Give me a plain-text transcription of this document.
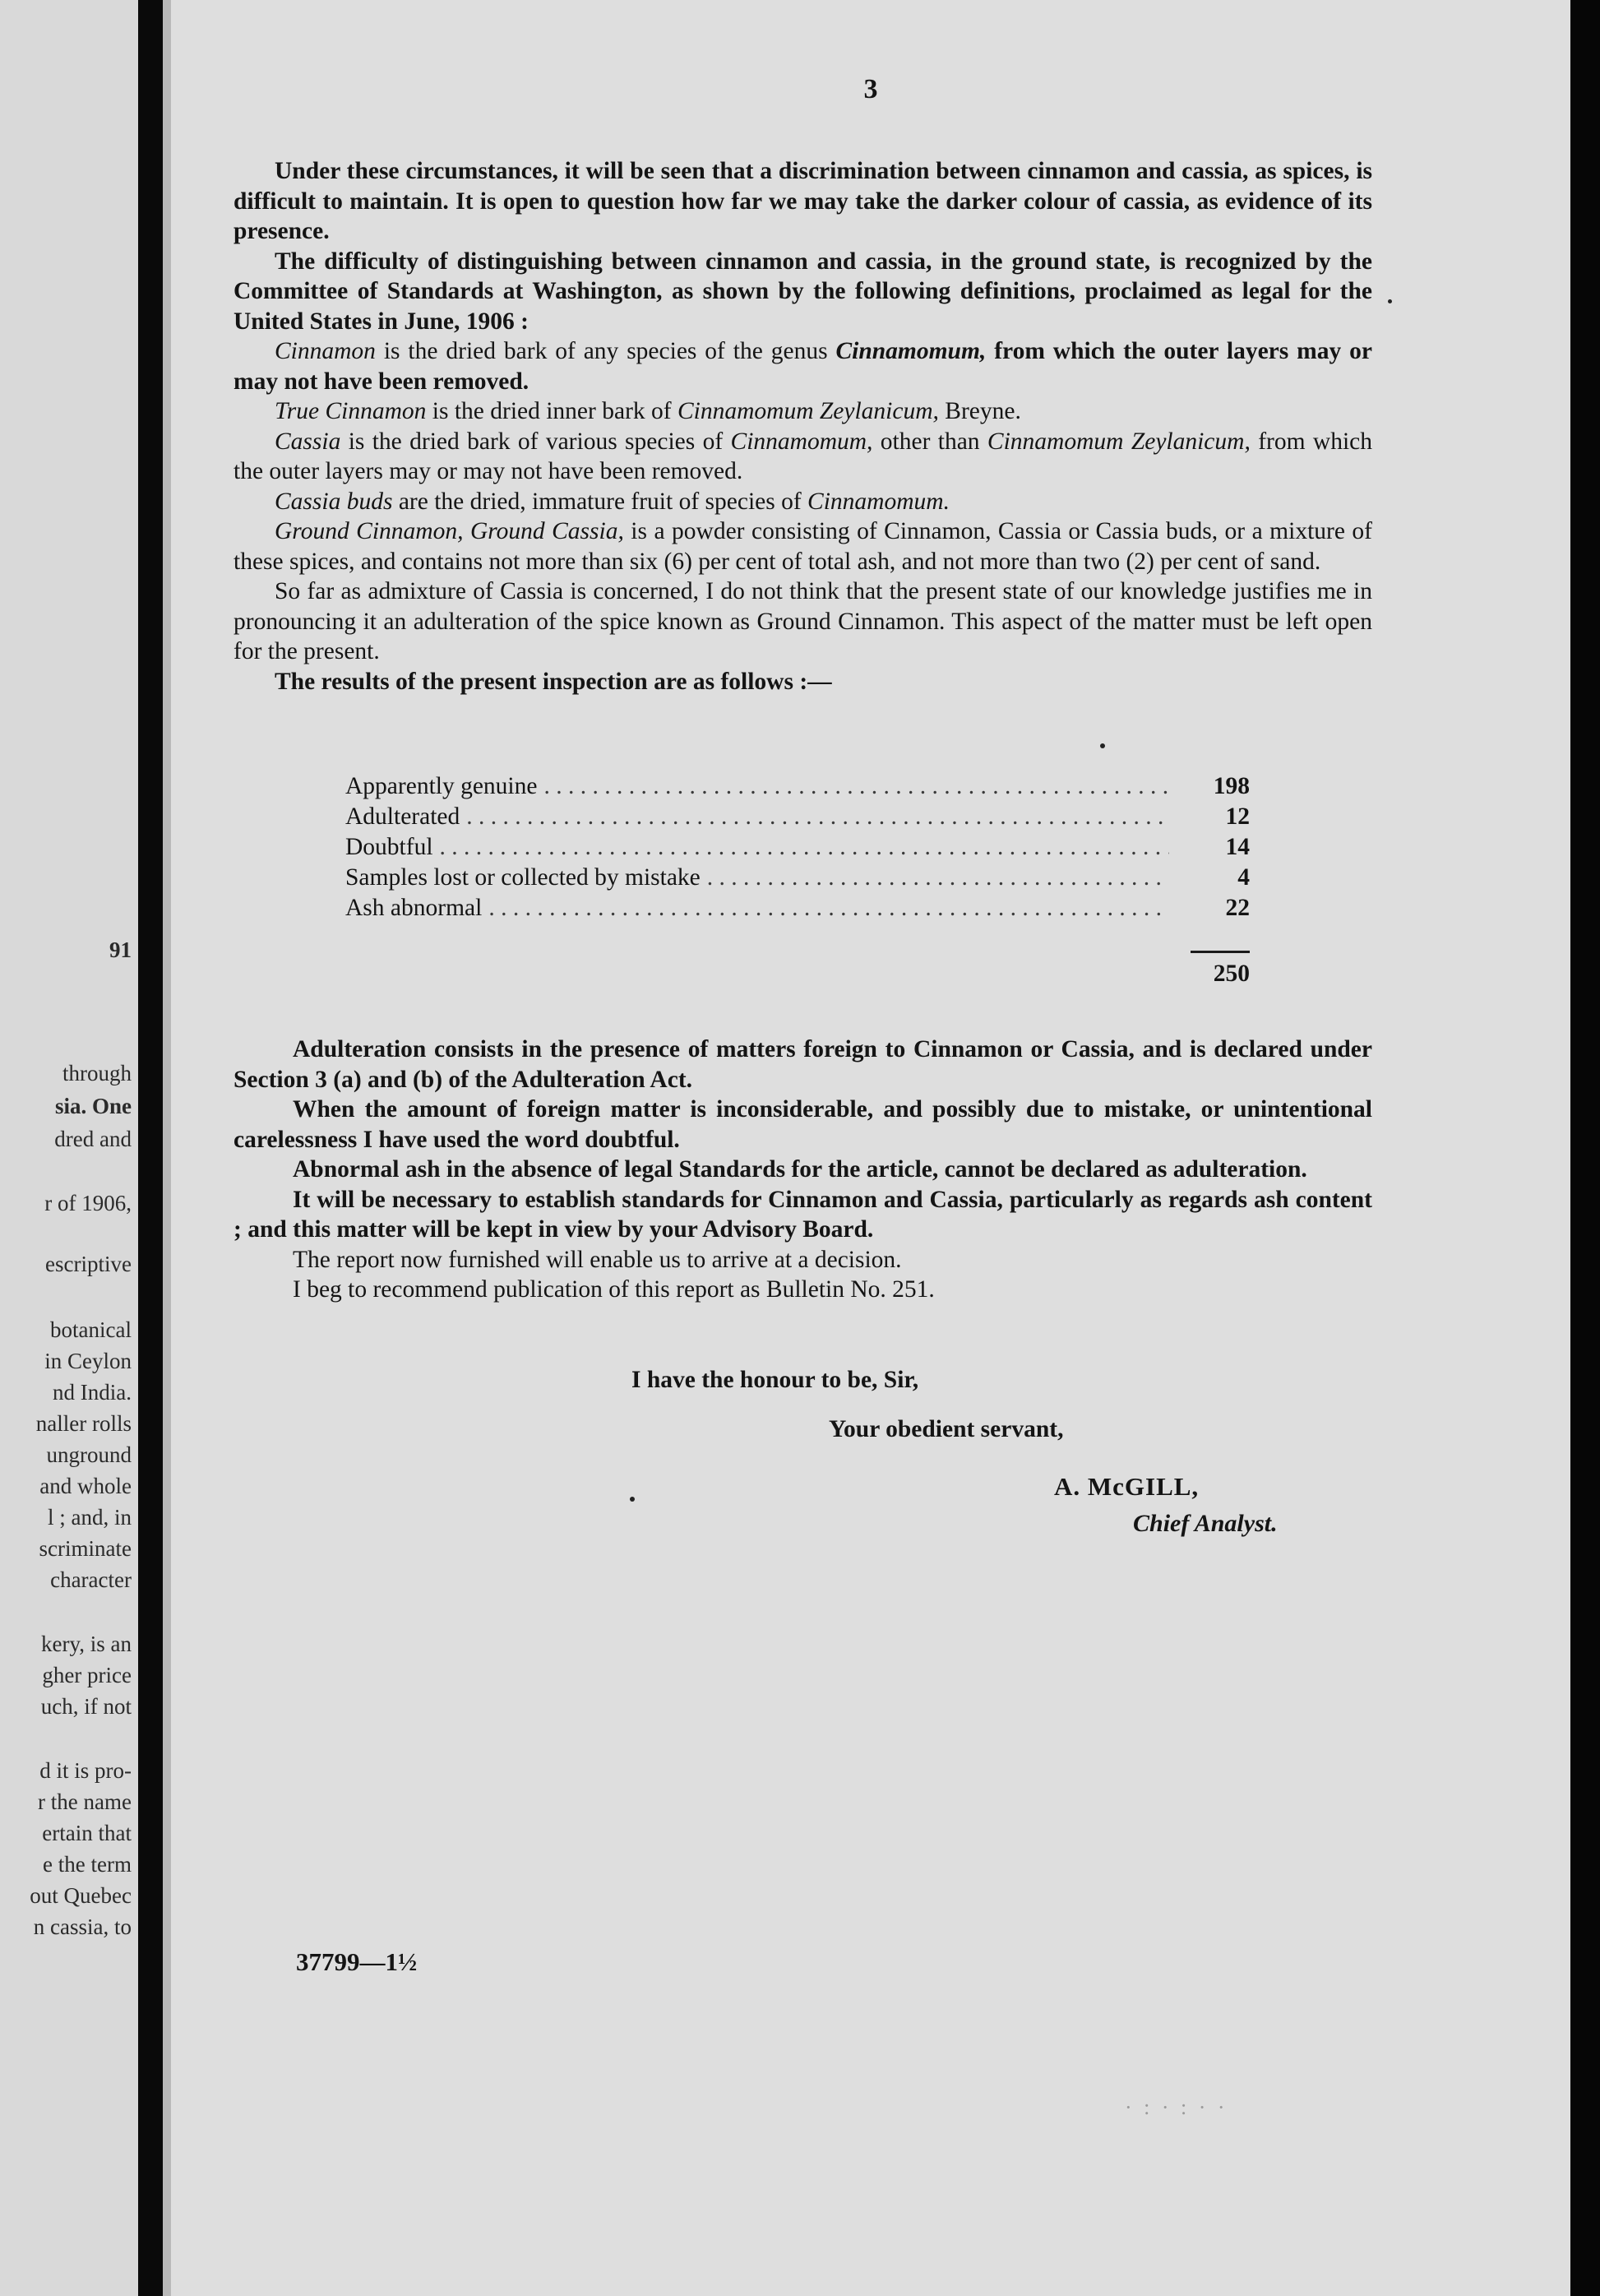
91
through
sia. One
dred and
r of 1906,
escriptive
botanical
in Ceylon
nd India.
naller rolls
unground
and whole
l ; and, in
scriminate
character
kery, is an
gher price
uch, if not
d it is pro-
r the name
ertain that
e the term
out Quebec
n cassia, to
3

Under these circumstances, it will be seen that a discrimination between cinnamon and cassia, as spices, is difficult to maintain. It is open to question how far we may take the darker colour of cassia, as evidence of its presence.

The difficulty of distinguishing between cinnamon and cassia, in the ground state, is recognized by the Committee of Standards at Washington, as shown by the following definitions, proclaimed as legal for the United States in June, 1906 :

Cinnamon is the dried bark of any species of the genus Cinnamomum, from which the outer layers may or may not have been removed.

True Cinnamon is the dried inner bark of Cinnamomum Zeylanicum, Breyne.

Cassia is the dried bark of various species of Cinnamomum, other than Cinnamomum Zeylanicum, from which the outer layers may or may not have been removed.

Cassia buds are the dried, immature fruit of species of Cinnamomum.

Ground Cinnamon, Ground Cassia, is a powder consisting of Cinnamon, Cassia or Cassia buds, or a mixture of these spices, and contains not more than six (6) per cent of total ash, and not more than two (2) per cent of sand.

So far as admixture of Cassia is concerned, I do not think that the present state of our knowledge justifies me in pronouncing it an adulteration of the spice known as Ground Cinnamon. This aspect of the matter must be left open for the present.

The results of the present inspection are as follows :—

Apparently genuine . . .	198
Adulterated . . .	12
Doubtful . . .	14
Samples lost or collected by mistake . . .	4
Ash abnormal . . .	22
250

Adulteration consists in the presence of matters foreign to Cinnamon or Cassia, and is declared under Section 3 (a) and (b) of the Adulteration Act.

When the amount of foreign matter is inconsiderable, and possibly due to mistake, or unintentional carelessness I have used the word doubtful.

Abnormal ash in the absence of legal Standards for the article, cannot be declared as adulteration.

It will be necessary to establish standards for Cinnamon and Cassia, particularly as regards ash content ; and this matter will be kept in view by your Advisory Board.

The report now furnished will enable us to arrive at a decision.

I beg to recommend publication of this report as Bulletin No. 251.

I have the honour to be, Sir,
Your obedient servant,
A. McGILL,
Chief Analyst.
37799—1½
· : · : · ·
